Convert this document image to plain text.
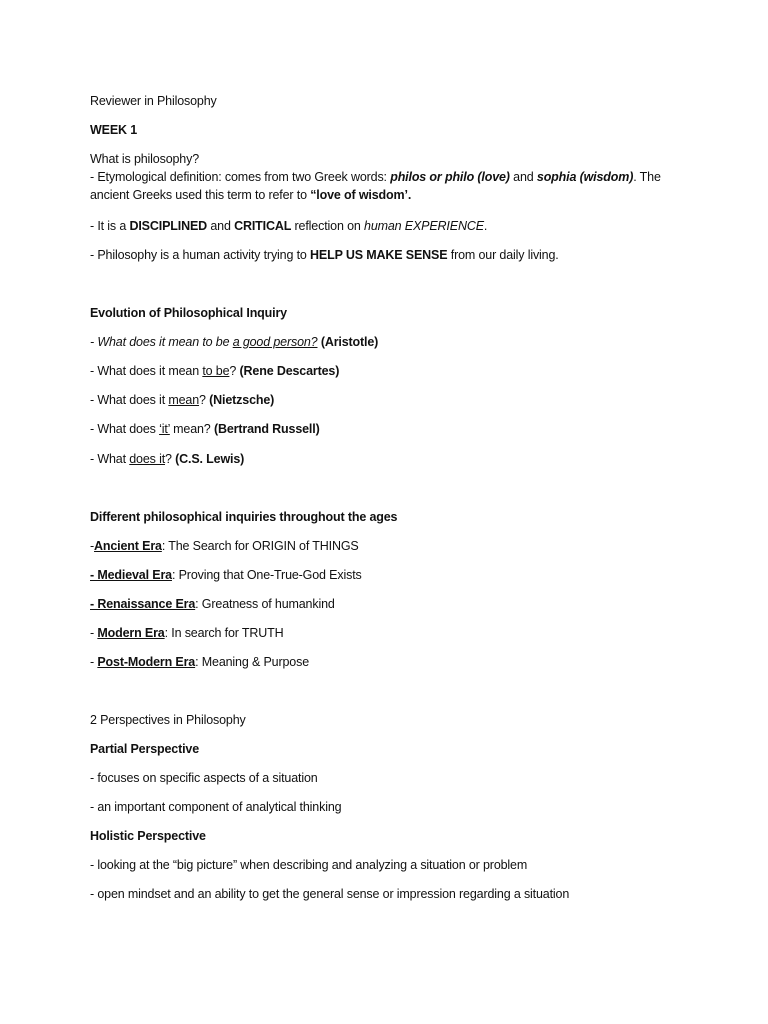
Reviewer in Philosophy
WEEK 1
What is philosophy?
- Etymological definition: comes from two Greek words: philos or philo (love) and sophia (wisdom). The
ancient Greeks used this term to refer to “love of wisdom’.
- It is a DISCIPLINED and CRITICAL reflection on human EXPERIENCE.
- Philosophy is a human activity trying to HELP US MAKE SENSE from our daily living.
Evolution of Philosophical Inquiry
- What does it mean to be a good person? (Aristotle)
- What does it mean to be? (Rene Descartes)
- What does it mean? (Nietzsche)
- What does ‘it’ mean? (Bertrand Russell)
- What does it? (C.S. Lewis)
Different philosophical inquiries throughout the ages
-Ancient Era: The Search for ORIGIN of THINGS
- Medieval Era: Proving that One-True-God Exists
- Renaissance Era: Greatness of humankind
- Modern Era: In search for TRUTH
- Post-Modern Era: Meaning & Purpose
2 Perspectives in Philosophy
Partial Perspective
- focuses on specific aspects of a situation
- an important component of analytical thinking
Holistic Perspective
- looking at the “big picture” when describing and analyzing a situation or problem
- open mindset and an ability to get the general sense or impression regarding a situation
